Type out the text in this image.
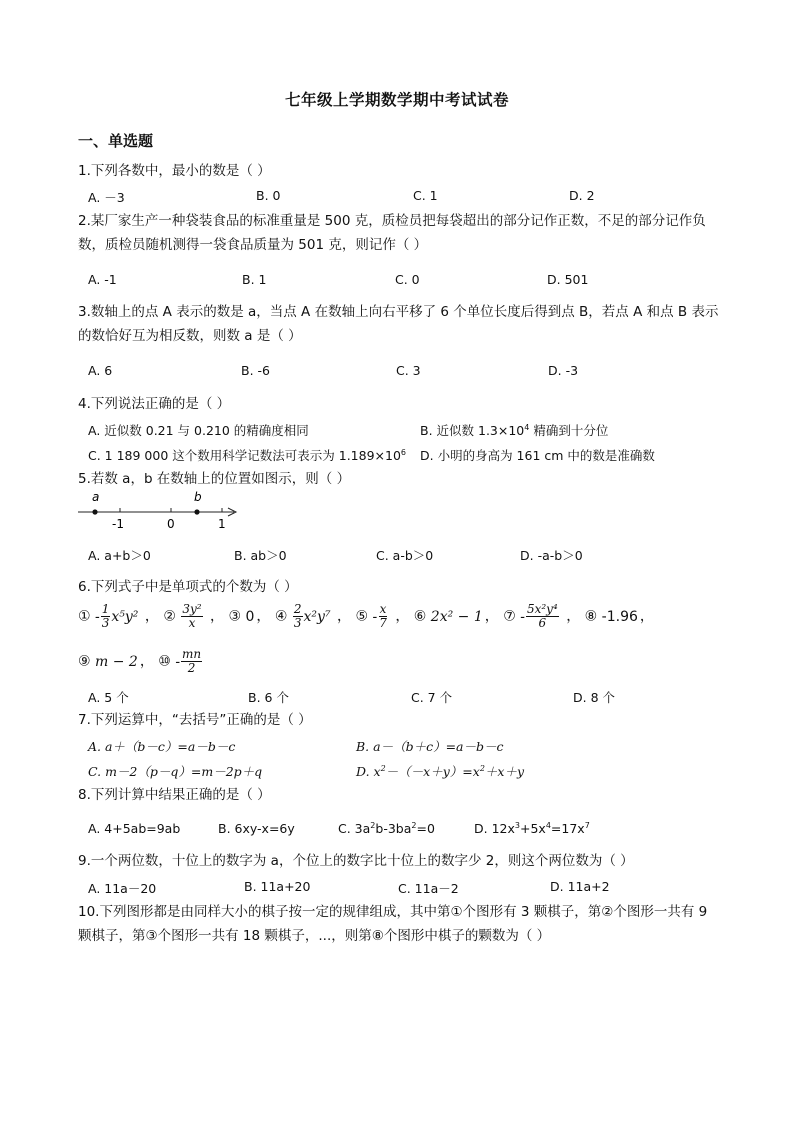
七年级上学期数学期中考试试卷
一、单选题
1.下列各数中，最小的数是（ ）
A. －3	B. 0	C. 1	D. 2
2.某厂家生产一种袋装食品的标准重量是 500 克，质检员把每袋超出的部分记作正数，不足的部分记作负数，质检员随机测得一袋食品质量为 501 克，则记作（ ）
A. -1	B. 1	C. 0	D. 501
3.数轴上的点 A 表示的数是 a，当点 A 在数轴上向右平移了 6 个单位长度后得到点 B，若点 A 和点 B 表示的数恰好互为相反数，则数 a 是（ ）
A. 6	B. -6	C. 3	D. -3
4.下列说法正确的是（ ）
A. 近似数 0.21 与 0.210 的精确度相同	B. 近似数 $1.3\times 10^4$ 精确到十分位
C. 1 189 000 这个数用科学记数法可表示为 $1.189\times 10^6$ D. 小明的身高为 161 cm 中的数是准确数
5.若数 a，b 在数轴上的位置如图示，则（ ）
a	b
-1	0	1
A. a+b＞0	B. ab＞0	C. a-b＞0	D. -a-b＞0
6.下列式子中是单项式的个数为（ ）
① - $\frac{1}{3} x^5y^2$ ， ② $\frac{\text{3y²}}{x}$ ， ③ 0 ， ④ $\frac{2}{3} x^2y^7$ ， ⑤ - $\frac{x}{7}$ ， ⑥ 2x² − 1 ， ⑦ - $\frac{\text{5x²y⁴}}{6}$ ， ⑧ -1.96 ，
⑨ m − 2 ， ⑩ - $\frac{mn}{2}$
A. 5 个	B. 6 个	C. 7 个	D. 8 个
7.下列运算中，“去括号”正确的是（ ）
A. a＋（b－c）=a－b－c	B. a－（b＋c）=a－b－c
C. m－2（p－q）=m－2p＋q	D. $x^2-(-x+y)=x^2+x+y$
8.下列计算中结果正确的是（ ）
A. 4+5ab=9ab	B. 6xy-x=6y	C. $3a^2b-3ba^2=0$	D. $12x^3+5x^4=17x^7$
9.一个两位数，十位上的数字为 a，个位上的数字比十位上的数字少 2，则这个两位数为（ ）
A. 11a－20	B. 11a+20	C. 11a－2	D. 11a+2
10.下列图形都是由同样大小的棋子按一定的规律组成，其中第①个图形有 3 颗棋子，第②个图形一共有 9 颗棋子，第③个图形一共有 18 颗棋子，...，则第⑧个图形中棋子的颗数为（ ）
